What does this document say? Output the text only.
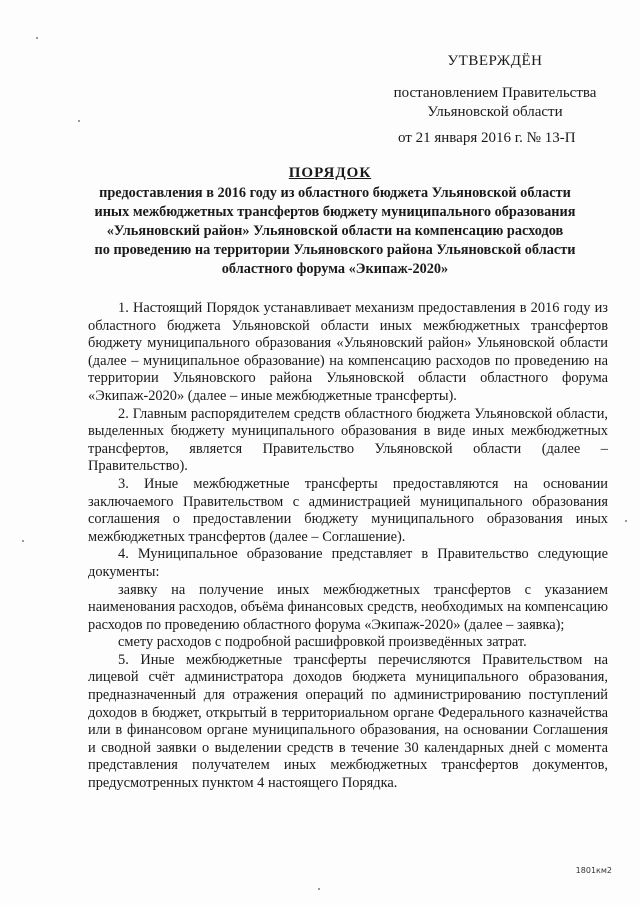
УТВЕРЖДЁН
постановлением Правительства
Ульяновской области
от 21 января 2016 г. № 13-П
ПОРЯДОК
предоставления в 2016 году из областного бюджета Ульяновской области
иных межбюджетных трансфертов бюджету муниципального образования
«Ульяновский район» Ульяновской области на компенсацию расходов
по проведению на территории Ульяновского района Ульяновской области
областного форума «Экипаж-2020»

1. Настоящий Порядок устанавливает механизм предоставления в 2016 году из областного бюджета Ульяновской области иных межбюджетных трансфертов бюджету муниципального образования «Ульяновский район» Ульяновской области (далее – муниципальное образование) на компенсацию расходов по проведению на территории Ульяновского района Ульяновской области областного форума «Экипаж-2020» (далее – иные межбюджетные трансферты).

2. Главным распорядителем средств областного бюджета Ульяновской области, выделенных бюджету муниципального образования в виде иных межбюджетных трансфертов, является Правительство Ульяновской области (далее – Правительство).

3. Иные межбюджетные трансферты предоставляются на основании заключаемого Правительством с администрацией муниципального образования соглашения о предоставлении бюджету муниципального образования иных межбюджетных трансфертов (далее – Соглашение).

4. Муниципальное образование представляет в Правительство следующие документы:

заявку на получение иных межбюджетных трансфертов с указанием наименования расходов, объёма финансовых средств, необходимых на компенсацию расходов по проведению областного форума «Экипаж-2020» (далее – заявка);

смету расходов с подробной расшифровкой произведённых затрат.

5. Иные межбюджетные трансферты перечисляются Правительством на лицевой счёт администратора доходов бюджета муниципального образования, предназначенный для отражения операций по администрированию поступлений доходов в бюджет, открытый в территориальном органе Федерального казначейства или в финансовом органе муниципального образования, на основании Соглашения и сводной заявки о выделении средств в течение 30 календарных дней с момента представления получателем иных межбюджетных трансфертов документов, предусмотренных пунктом 4 настоящего Порядка.

1801км2
